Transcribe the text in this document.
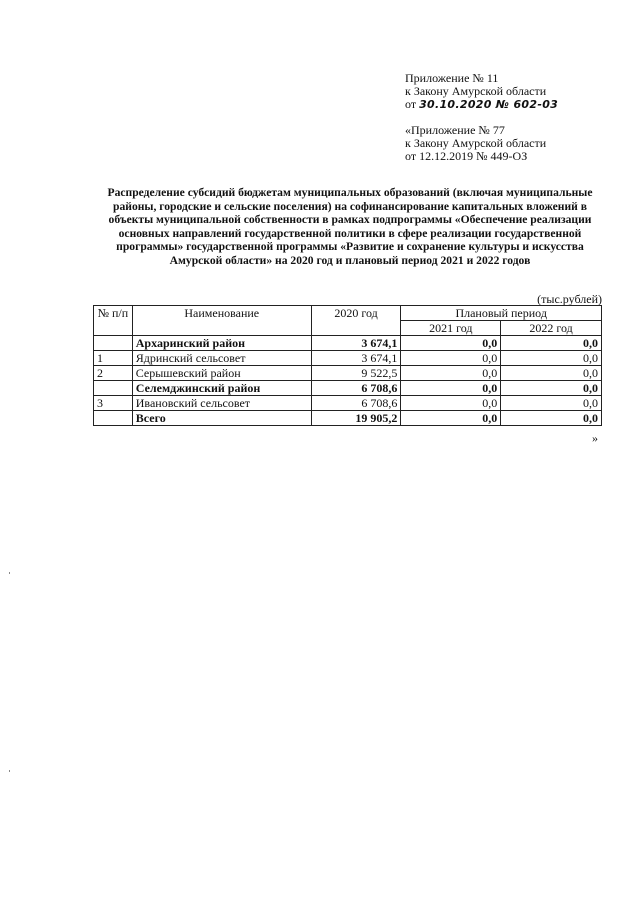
Приложение № 11
к Закону Амурской области
от 30.10.2020 № 602-03
«Приложение № 77
к Закону Амурской области
от 12.12.2019 № 449-ОЗ
Распределение субсидий бюджетам муниципальных образований (включая муниципальные районы, городские и сельские поселения) на софинансирование капитальных вложений в объекты муниципальной собственности в рамках подпрограммы «Обеспечение реализации основных направлений государственной политики в сфере реализации государственной программы» государственной программы «Развитие и сохранение культуры и искусства Амурской области» на 2020 год и плановый период 2021 и 2022 годов
(тыс.рублей)
№ п/п	Наименование	2020 год	Плановый период	
			2021 год	2022 год
	Архаринский район	3 674,1	0,0	0,0
1	Ядринский сельсовет	3 674,1	0,0	0,0
2	Серышевский район	9 522,5	0,0	0,0
	Селемджинский район	6 708,6	0,0	0,0
3	Ивановский сельсовет	6 708,6	0,0	0,0
	Всего	19 905,2	0,0	0,0
»
